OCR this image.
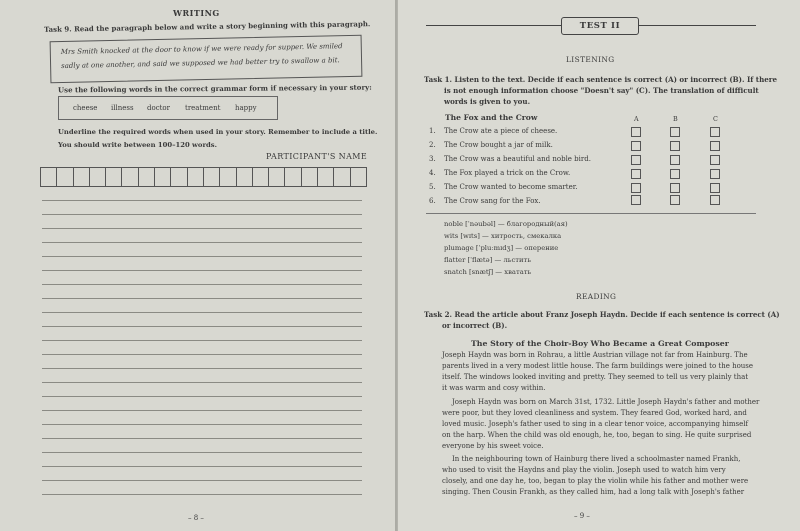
WRITING
Task 9. Read the paragraph below and write a story beginning with this paragraph.
Mrs Smith knocked at the door to know if we were ready for supper. We smiled
sadly at one another, and said we supposed we had better try to swallow a bit.
Use the following words in the correct grammar form if necessary in your story:
cheese illness doctor treatment happy
Underline the required words when used in your story. Remember to include a title.
You should write between 100–120 words.
PARTICIPANT'S NAME
– 8 –
TEST II
LISTENING
Task 1. Listen to the text. Decide if each sentence is correct (A) or incorrect (B). If there
is not enough information choose "Doesn't say" (C). The translation of difficult
words is given to you.
The Fox and the Crow	A	B	C
1. The Crow ate a piece of cheese.
2. The Crow bought a jar of milk.
3. The Crow was a beautiful and noble bird.
4. The Fox played a trick on the Crow.
5. The Crow wanted to become smarter.
6. The Crow sang for the Fox.
noble [ˈnəubəl] — благородный(ая)
wits [wɪts] — хитрость, смекалка
plumage [ˈpluːmɪdʒ] — оперение
flatter [ˈflætə] — льстить
snatch [snætʃ] — хватать
READING
Task 2. Read the article about Franz Joseph Haydn. Decide if each sentence is correct (A)
or incorrect (B).
The Story of the Choir-Boy Who Became a Great Composer
Joseph Haydn was born in Rohrau, a little Austrian village not far from Hainburg. The
parents lived in a very modest little house. The farm buildings were joined to the house
itself. The windows looked inviting and pretty. They seemed to tell us very plainly that
it was warm and cosy within.
Joseph Haydn was born on March 31st, 1732. Little Joseph Haydn's father and mother
were poor, but they loved cleanliness and system. They feared God, worked hard, and
loved music. Joseph's father used to sing in a clear tenor voice, accompanying himself
on the harp. When the child was old enough, he, too, began to sing. He quite surprised
everyone by his sweet voice.
In the neighbouring town of Hainburg there lived a schoolmaster named Frankh,
who used to visit the Haydns and play the violin. Joseph used to watch him very
closely, and one day he, too, began to play the violin while his father and mother were
singing. Then Cousin Frankh, as they called him, had a long talk with Joseph's father
– 9 –
